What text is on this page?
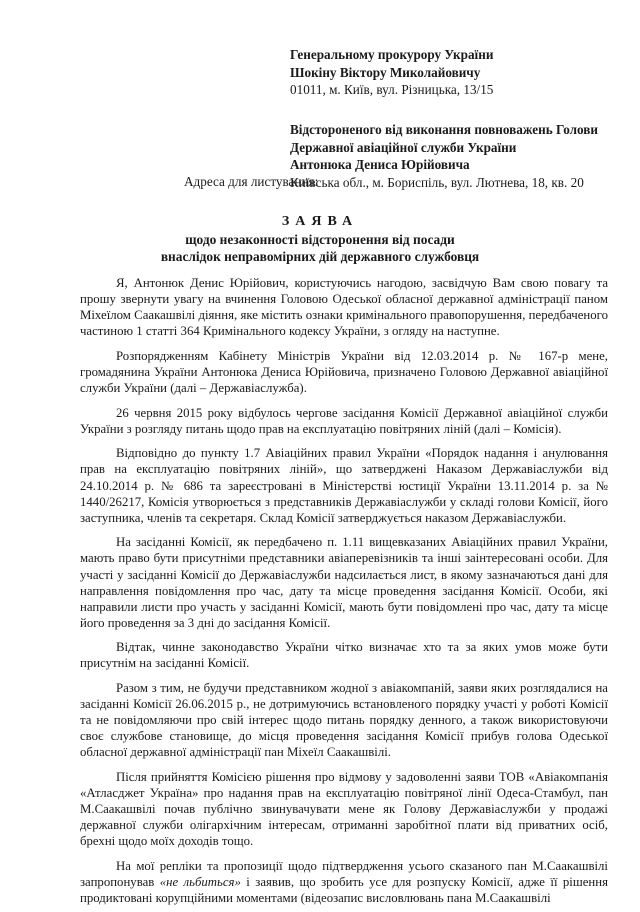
Генеральному прокурору України
Шокіну Віктору Миколайовичу
01011, м. Київ, вул. Різницька, 13/15
Відстороненого від виконання повноважень Голови
Державної авіаційної служби України
Антонюка Дениса Юрійовича
Київська обл., м. Бориспіль, вул. Лютнева, 18, кв. 20
Адреса для листування:
ЗАЯВА
щодо незаконності відсторонення від посади
внаслідок неправомірних дій державного службовця

Я, Антонюк Денис Юрійович, користуючись нагодою, засвідчую Вам свою повагу та прошу звернути увагу на вчинення Головою Одеської обласної державної адміністрації паном Міхеїлом Саакашвілі діяння, яке містить ознаки кримінального правопорушення, передбаченого частиною 1 статті 364 Кримінального кодексу України, з огляду на наступне.

Розпорядженням Кабінету Міністрів України від 12.03.2014 р. № 167-р мене, громадянина України Антонюка Дениса Юрійовича, призначено Головою Державної авіаційної служби України (далі – Державіаслужба).

26 червня 2015 року відбулось чергове засідання Комісії Державної авіаційної служби України з розгляду питань щодо прав на експлуатацію повітряних ліній (далі – Комісія).

Відповідно до пункту 1.7 Авіаційних правил України «Порядок надання і анулювання прав на експлуатацію повітряних ліній», що затверджені Наказом Державіаслужби від 24.10.2014 р. № 686 та зареєстровані в Міністерстві юстиції України 13.11.2014 р. за № 1440/26217, Комісія утворюється з представників Державіаслужби у складі голови Комісії, його заступника, членів та секретаря. Склад Комісії затверджується наказом Державіаслужби.

На засіданні Комісії, як передбачено п. 1.11 вищевказаних Авіаційних правил України, мають право бути присутніми представники авіаперевізників та інші заінтересовані особи. Для участі у засіданні Комісії до Державіаслужби надсилається лист, в якому зазначаються дані для направлення повідомлення про час, дату та місце проведення засідання Комісії. Особи, які направили листи про участь у засіданні Комісії, мають бути повідомлені про час, дату та місце його проведення за 3 дні до засідання Комісії.

Відтак, чинне законодавство України чітко визначає хто та за яких умов може бути присутнім на засіданні Комісії.

Разом з тим, не будучи представником жодної з авіакомпаній, заяви яких розглядалися на засіданні Комісії 26.06.2015 р., не дотримуючись встановленого порядку участі у роботі Комісії та не повідомляючи про свій інтерес щодо питань порядку денного, а також використовуючи своє службове становище, до місця проведення засідання Комісії прибув голова Одеської обласної державної адміністрації пан Міхеїл Саакашвілі.

Після прийняття Комісією рішення про відмову у задоволенні заяви ТОВ «Авіакомпанія «Атласджет Україна» про надання прав на експлуатацію повітряної лінії Одеса-Стамбул, пан М.Саакашвілі почав публічно звинувачувати мене як Голову Державіаслужби у продажі державної служби олігархічним інтересам, отриманні заробітної плати від приватних осіб, брехні щодо моїх доходів тощо.

На мої репліки та пропозиції щодо підтвердження усього сказаного пан М.Саакашвілі запропонував «не льбиться» і заявив, що зробить усе для розпуску Комісії, адже її рішення продиктовані корупційними моментами (відеозапис висловлювань пана М.Саакашвілі
